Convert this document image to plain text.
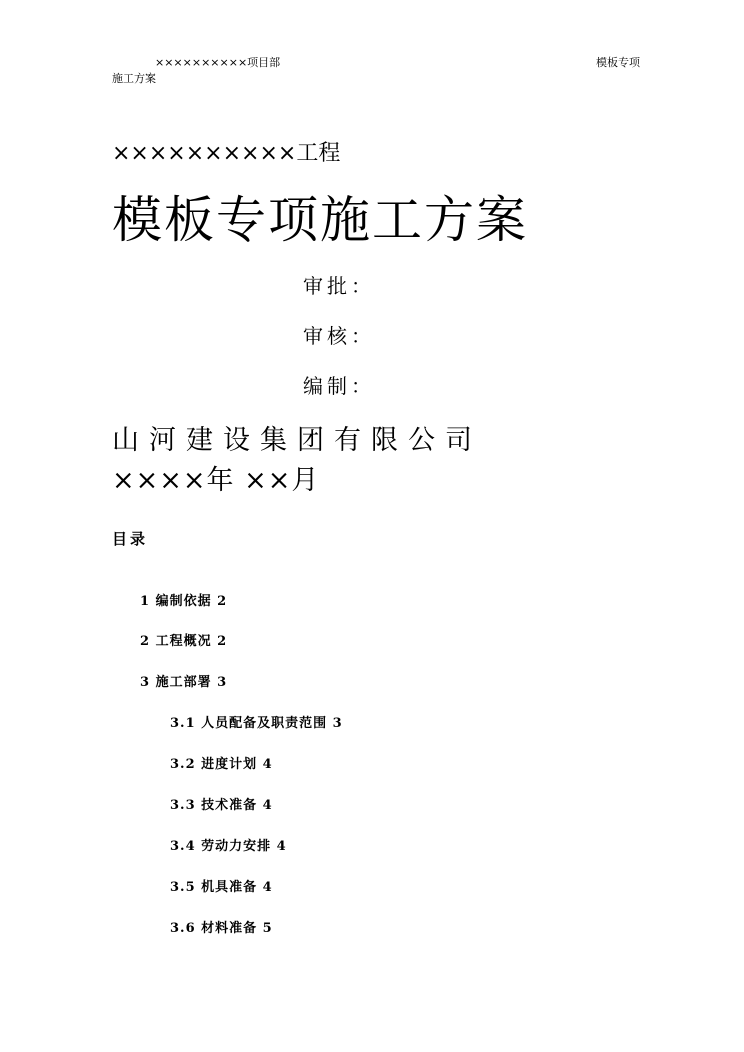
××××××××××项目部	模板专项
施工方案
××××××××××工程
模板专项施工方案
审批：
审核：
编制：
山河建设集团有限公司
××××年 ××月
目录
1 编制依据 2
2 工程概况 2
3 施工部署 3
3.1 人员配备及职责范围 3
3.2 进度计划 4
3.3 技术准备 4
3.4 劳动力安排 4
3.5 机具准备 4
3.6 材料准备 5
